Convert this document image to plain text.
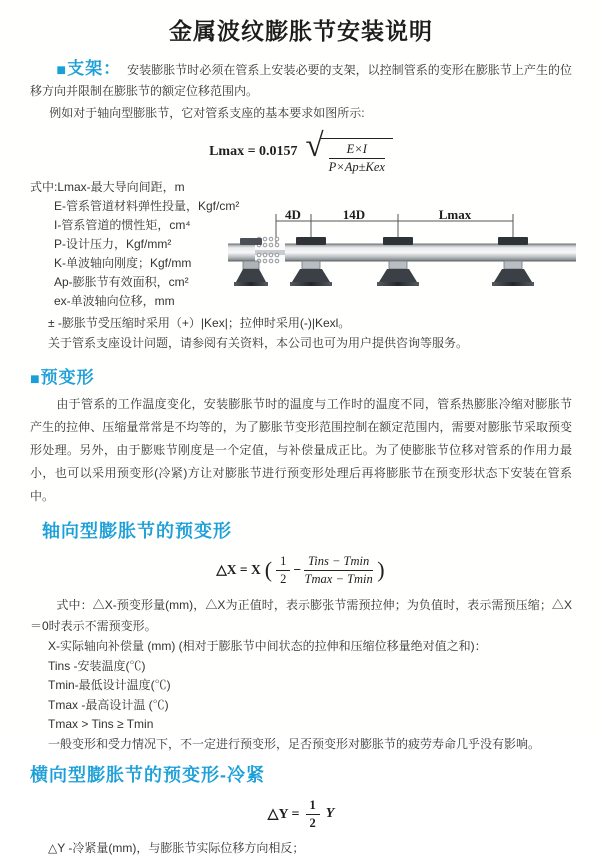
金属波纹膨胀节安装说明

■支架： 安装膨胀节时必须在管系上安装必要的支架，以控制管系的变形在膨胀节上产生的位移方向并限制在膨胀节的额定位移范围内。

例如对于轴向型膨胀节，它对管系支座的基本要求如图所示:

Lmax = 0.0157 √ $\frac{E\times I}{\text{P×Ap±Kex}}$

式中:Lmax-最大导向间距，m

E-管系管道材料弹性投量，Kgf/cm²

I-管系管道的惯性矩，cm⁴

P-设计压力，Kgf/mm²

K-单波轴向刚度；Kgf/mm

Ap-膨胀节有效面积，cm²

ex-单波轴向位移，mm

4D	14D	Lmax

± -膨胀节受压缩时采用（+）|Kex|；拉伸时采用(-)|Kexl。

关于管系支座设计问题，请参阅有关资料，本公司也可为用户提供咨询等服务。

■预变形

由于管系的工作温度变化，安装膨胀节时的温度与工作时的温度不同，管系热膨胀冷缩对膨胀节产生的拉伸、压缩量常常是不均等的，为了膨胀节变形范围控制在额定范围内，需要对膨胀节采取预变形处理。另外，由于膨账节刚度是一个定值，与补偿量成正比。为了使膨胀节位移对管系的作用力最小，也可以采用预变形(冷紧)方让对膨胀节进行预变形处理后再将膨胀节在预变形状态下安装在管系中。

轴向型膨胀节的预变形
△X = X ( $\frac{1}{2} - \frac{\text{Tins − Tmin}}{Tmax - Tmin}$ )

式中：△X-预变形量(mm)，△X为正值时，表示膨张节需预拉伸；为负值时，表示需预压缩；△X＝0时表示不需预变形。

X-实际轴向补偿量 (mm) (相对于膨胀节中间状态的拉伸和压缩位移量绝对值之和)：

Tins -安装温度(℃)

Tmin-最低设计温度(℃)

Tmax -最高设计温 (℃)

Tmax > Tins ≥ Tmin

一般变形和受力情况下，不一定进行预变形，足否预变形对膨胀节的疲劳寿命几乎没有影响。

横向型膨胀节的预变形-冷紧
△Y = $\frac{1}{2}$ Y

△Y -冷紧量(mm)，与膨胀节实际位移方向相反；
